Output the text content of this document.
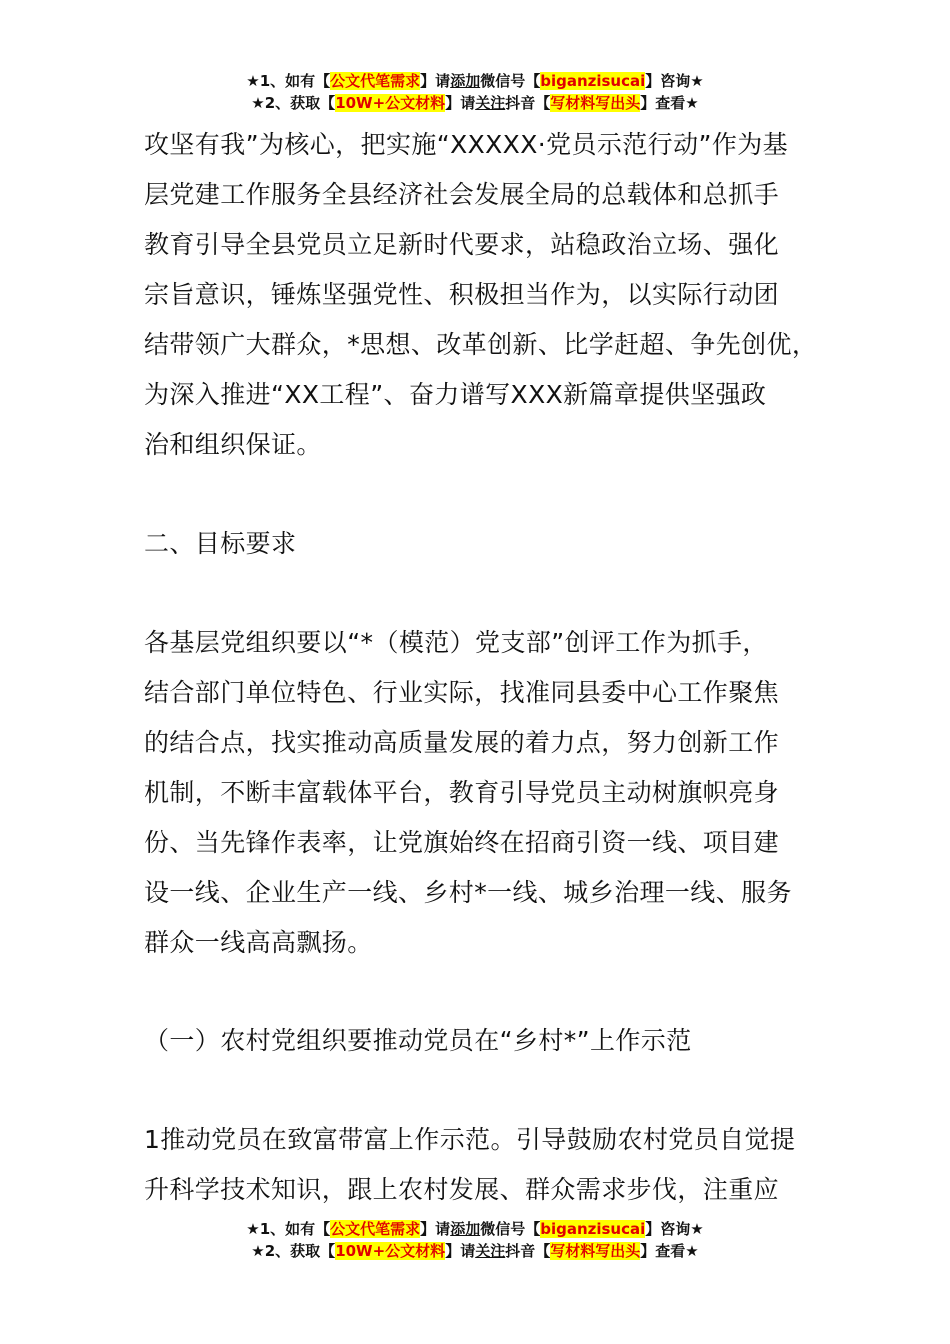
★1、如有【公文代笔需求】请添加微信号【biganzisucai】咨询★
★2、获取【10W+公文材料】请关注抖音【写材料写出头】查看★
攻坚有我”为核心，把实施“XXXXX·党员示范行动”作为基
层党建工作服务全县经济社会发展全局的总载体和总抓手
教育引导全县党员立足新时代要求，站稳政治立场、强化
宗旨意识，锤炼坚强党性、积极担当作为，以实际行动团
结带领广大群众，*思想、改革创新、比学赶超、争先创优，
为深入推进“XX工程”、奋力谱写XXX新篇章提供坚强政
治和组织保证。
二、目标要求
各基层党组织要以“*（模范）党支部”创评工作为抓手，
结合部门单位特色、行业实际，找准同县委中心工作聚焦
的结合点，找实推动高质量发展的着力点，努力创新工作
机制，不断丰富载体平台，教育引导党员主动树旗帜亮身
份、当先锋作表率，让党旗始终在招商引资一线、项目建
设一线、企业生产一线、乡村*一线、城乡治理一线、服务
群众一线高高飘扬。
（一）农村党组织要推动党员在“乡村*”上作示范
1推动党员在致富带富上作示范。引导鼓励农村党员自觉提
升科学技术知识，跟上农村发展、群众需求步伐，注重应
★1、如有【公文代笔需求】请添加微信号【biganzisucai】咨询★
★2、获取【10W+公文材料】请关注抖音【写材料写出头】查看★
